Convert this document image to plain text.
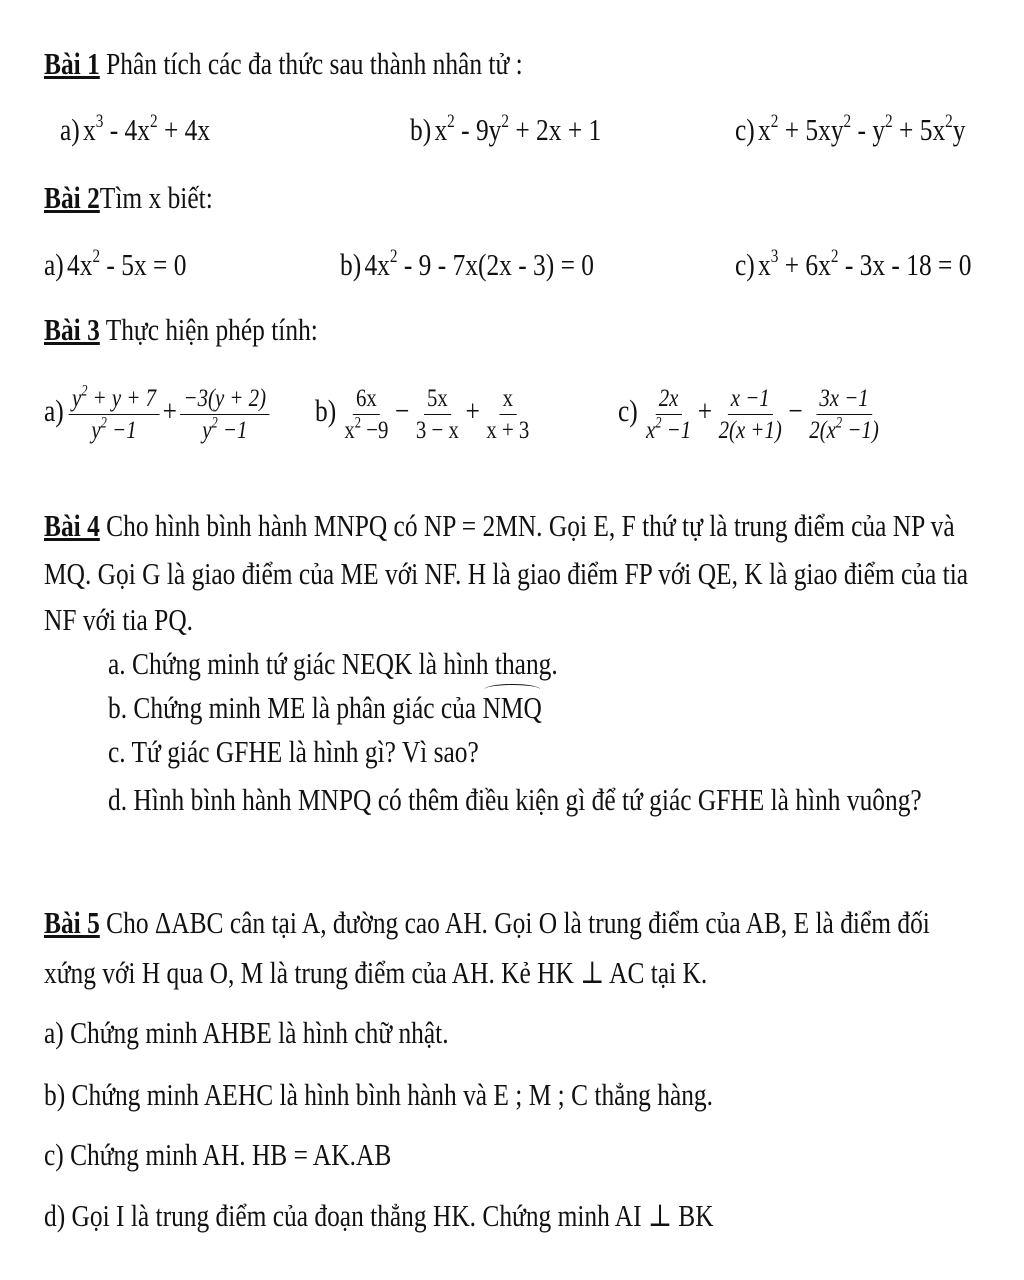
Bài 1 Phân tích các đa thức sau thành nhân tử :
a) $x^3 - 4x^2 + 4x$	b) $x^2 - 9y^2 + 2x + 1$	c) $x^2 + 5xy^2 - y^2 + 5x^2y$
Bài 2Tìm x biết:
a) $4x^2 - 5x = 0$	b) $4x^2 - 9 - 7x(2x - 3) = 0$	c) $x^3 + 6x^2 - 3x - 18 = 0$
Bài 3 Thực hiện phép tính:
$a) \frac{y^2 + y + 7}{y^2 -1} + \frac{-3(y + 2)}{y^2 -1} b) \frac{6x}{x^2 -9} - \frac{5x}{3 - x} + \frac{x}{x + 3}$	$c) \frac{2x}{x^2 -1} + \frac{x -1}{2(x +1)} - \frac{3x -1}{2(x^2 -1)}$
Bài 4 Cho hình bình hành MNPQ có NP = 2MN. Gọi E, F thứ tự là trung điểm của NP và
MQ. Gọi G là giao điểm của ME với NF. H là giao điểm FP với QE, K là giao điểm của tia
NF với tia PQ.
a. Chứng minh tứ giác NEQK là hình thang.
b. Chứng minh ME là phân giác của NMQ
c. Tứ giác GFHE là hình gì? Vì sao?
d. Hình bình hành MNPQ có thêm điều kiện gì để tứ giác GFHE là hình vuông?
Bài 5 Cho ΔABC cân tại A, đường cao AH. Gọi O là trung điểm của AB, E là điểm đối
xứng với H qua O, M là trung điểm của AH. Kẻ HK ⊥ AC tại K.
a) Chứng minh AHBE là hình chữ nhật.
b) Chứng minh AEHC là hình bình hành và E ; M ; C thẳng hàng.
c) Chứng minh AH. HB = AK.AB
d) Gọi I là trung điểm của đoạn thẳng HK. Chứng minh AI ⊥ BK
